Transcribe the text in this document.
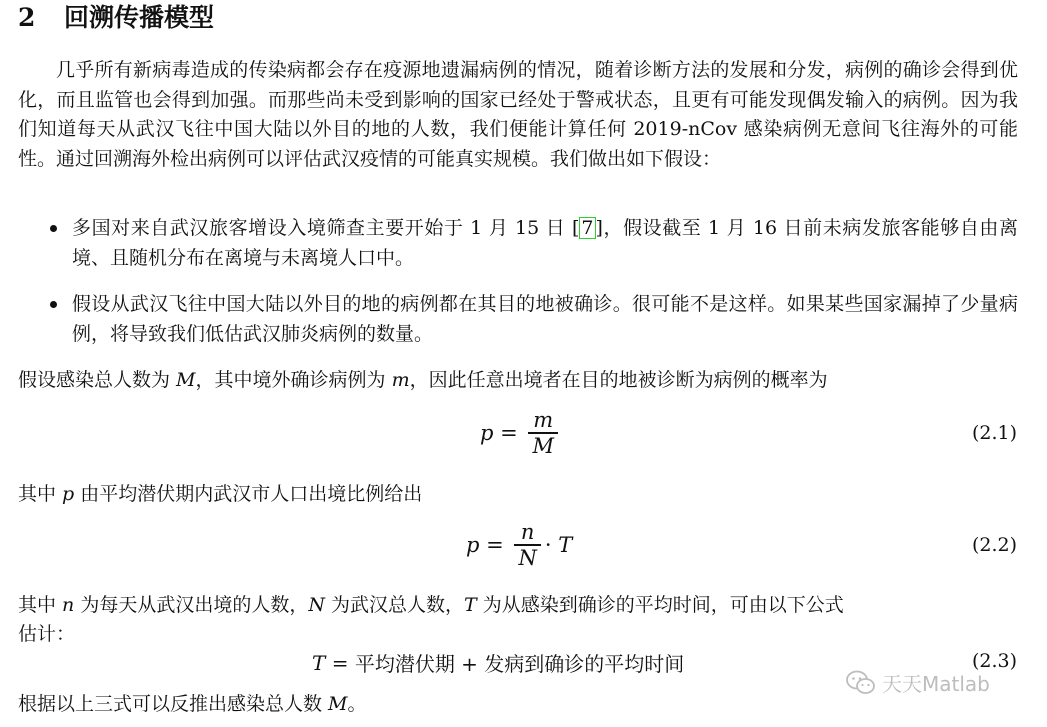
2 回溯传播模型
几乎所有新病毒造成的传染病都会存在疫源地遗漏病例的情况，随着诊断方法的发展和分发，病例的确诊会得到优化，而且监管也会得到加强。而那些尚未受到影响的国家已经处于警戒状态，且更有可能发现偶发输入的病例。因为我们知道每天从武汉飞往中国大陆以外目的地的人数，我们便能计算任何 2019-nCov 感染病例无意间飞往海外的可能性。通过回溯海外检出病例可以评估武汉疫情的可能真实规模。我们做出如下假设：
多国对来自武汉旅客增设入境筛查主要开始于 1 月 15 日 [ 7 ]，假设截至 1 月 16 日前未病发旅客能够自由离境、且随机分布在离境与未离境人口中。
假设从武汉飞往中国大陆以外目的地的病例都在其目的地被确诊。很可能不是这样。如果某些国家漏掉了少量病例，将导致我们低估武汉肺炎病例的数量。
假设感染总人数为 M，其中境外确诊病例为 m，因此任意出境者在目的地被诊断为病例的概率为
p
=
$\frac{m}{M}$	(2.1)
其中 p 由平均潜伏期内武汉市人口出境比例给出
p
=
$\frac{n}{N}$ ·
T	(2.2)
其中 n 为每天从武汉出境的人数，N 为武汉总人数，T 为从感染到确诊的平均时间，可由以下公式
估计：
T
=
平均潜伏期 + 发病到确诊的平均时间	(2.3)
根据以上三式可以反推出感染总人数 M。
天天Matlab
